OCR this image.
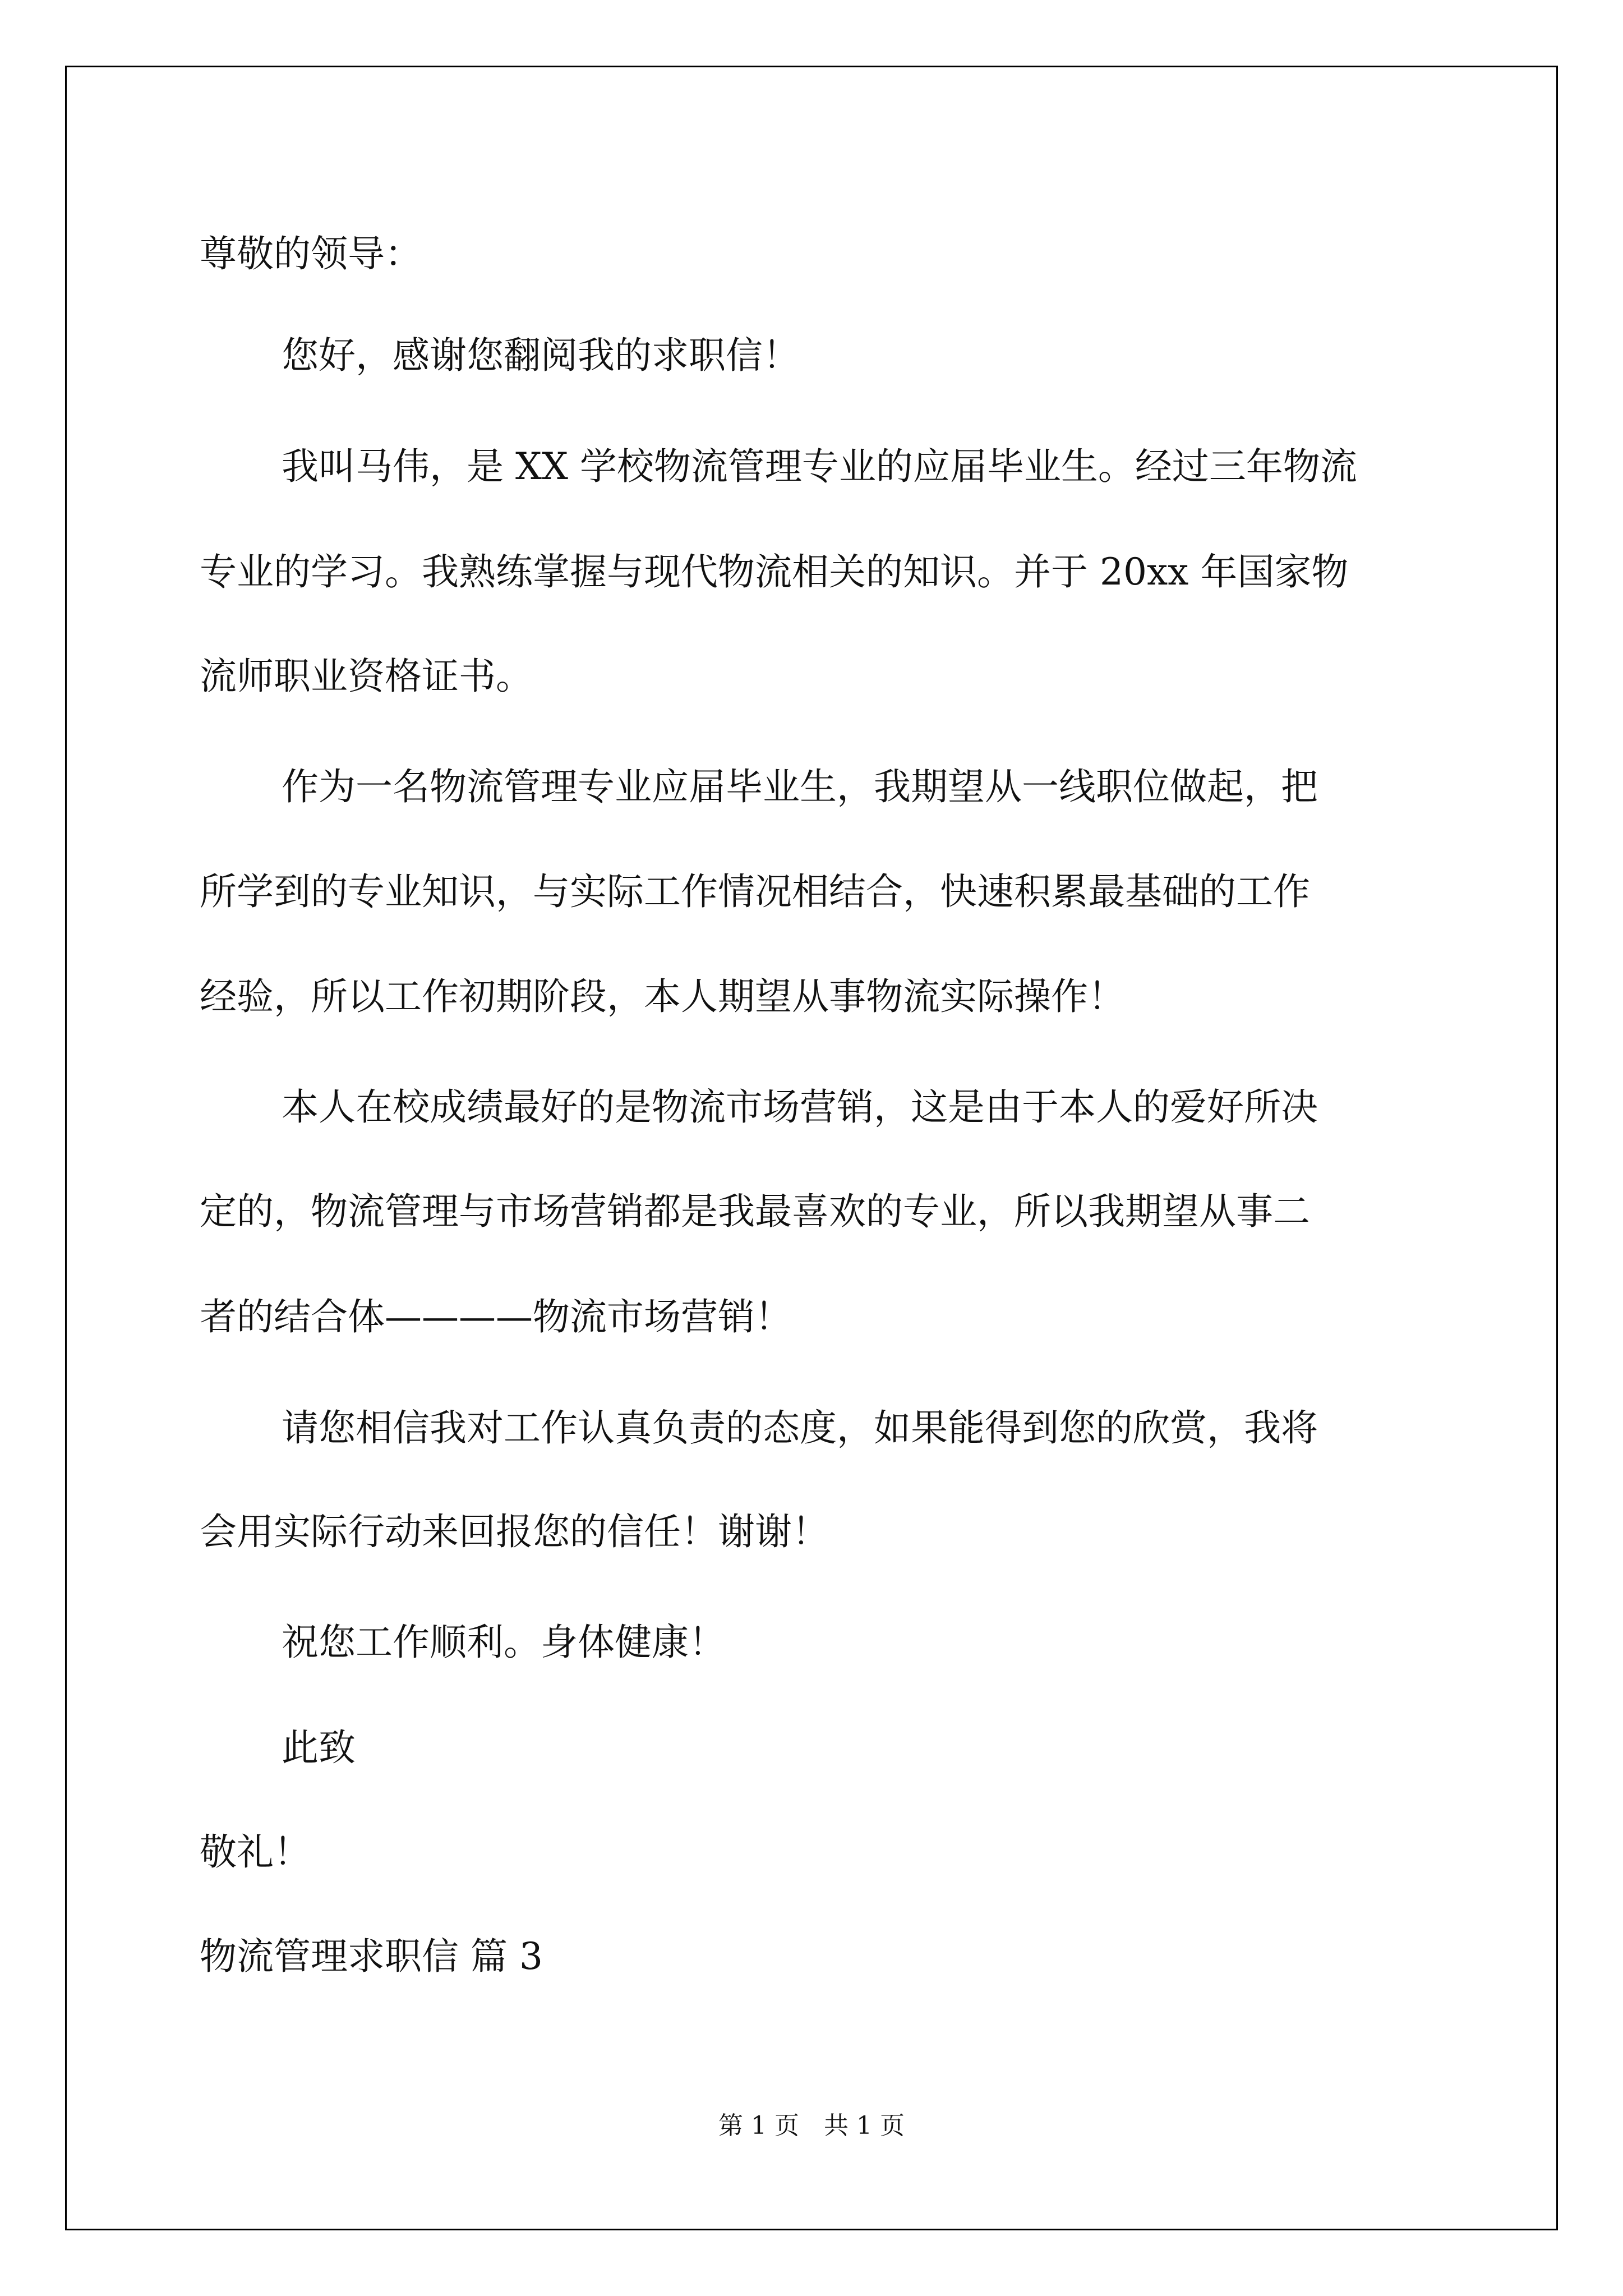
尊敬的领导：

您好，感谢您翻阅我的求职信！

我叫马伟，是 XX 学校物流管理专业的应届毕业生。经过三年物流

专业的学习。我熟练掌握与现代物流相关的知识。并于 20xx 年国家物

流师职业资格证书。

作为一名物流管理专业应届毕业生，我期望从一线职位做起，把

所学到的专业知识，与实际工作情况相结合，快速积累最基础的工作

经验，所以工作初期阶段，本人期望从事物流实际操作！

本人在校成绩最好的是物流市场营销，这是由于本人的爱好所决

定的，物流管理与市场营销都是我最喜欢的专业，所以我期望从事二

者的结合体————物流市场营销！

请您相信我对工作认真负责的态度，如果能得到您的欣赏，我将

会用实际行动来回报您的信任！谢谢！

祝您工作顺利。身体健康！

此致

敬礼！

物流管理求职信 篇 3

第 1 页 共 1 页
